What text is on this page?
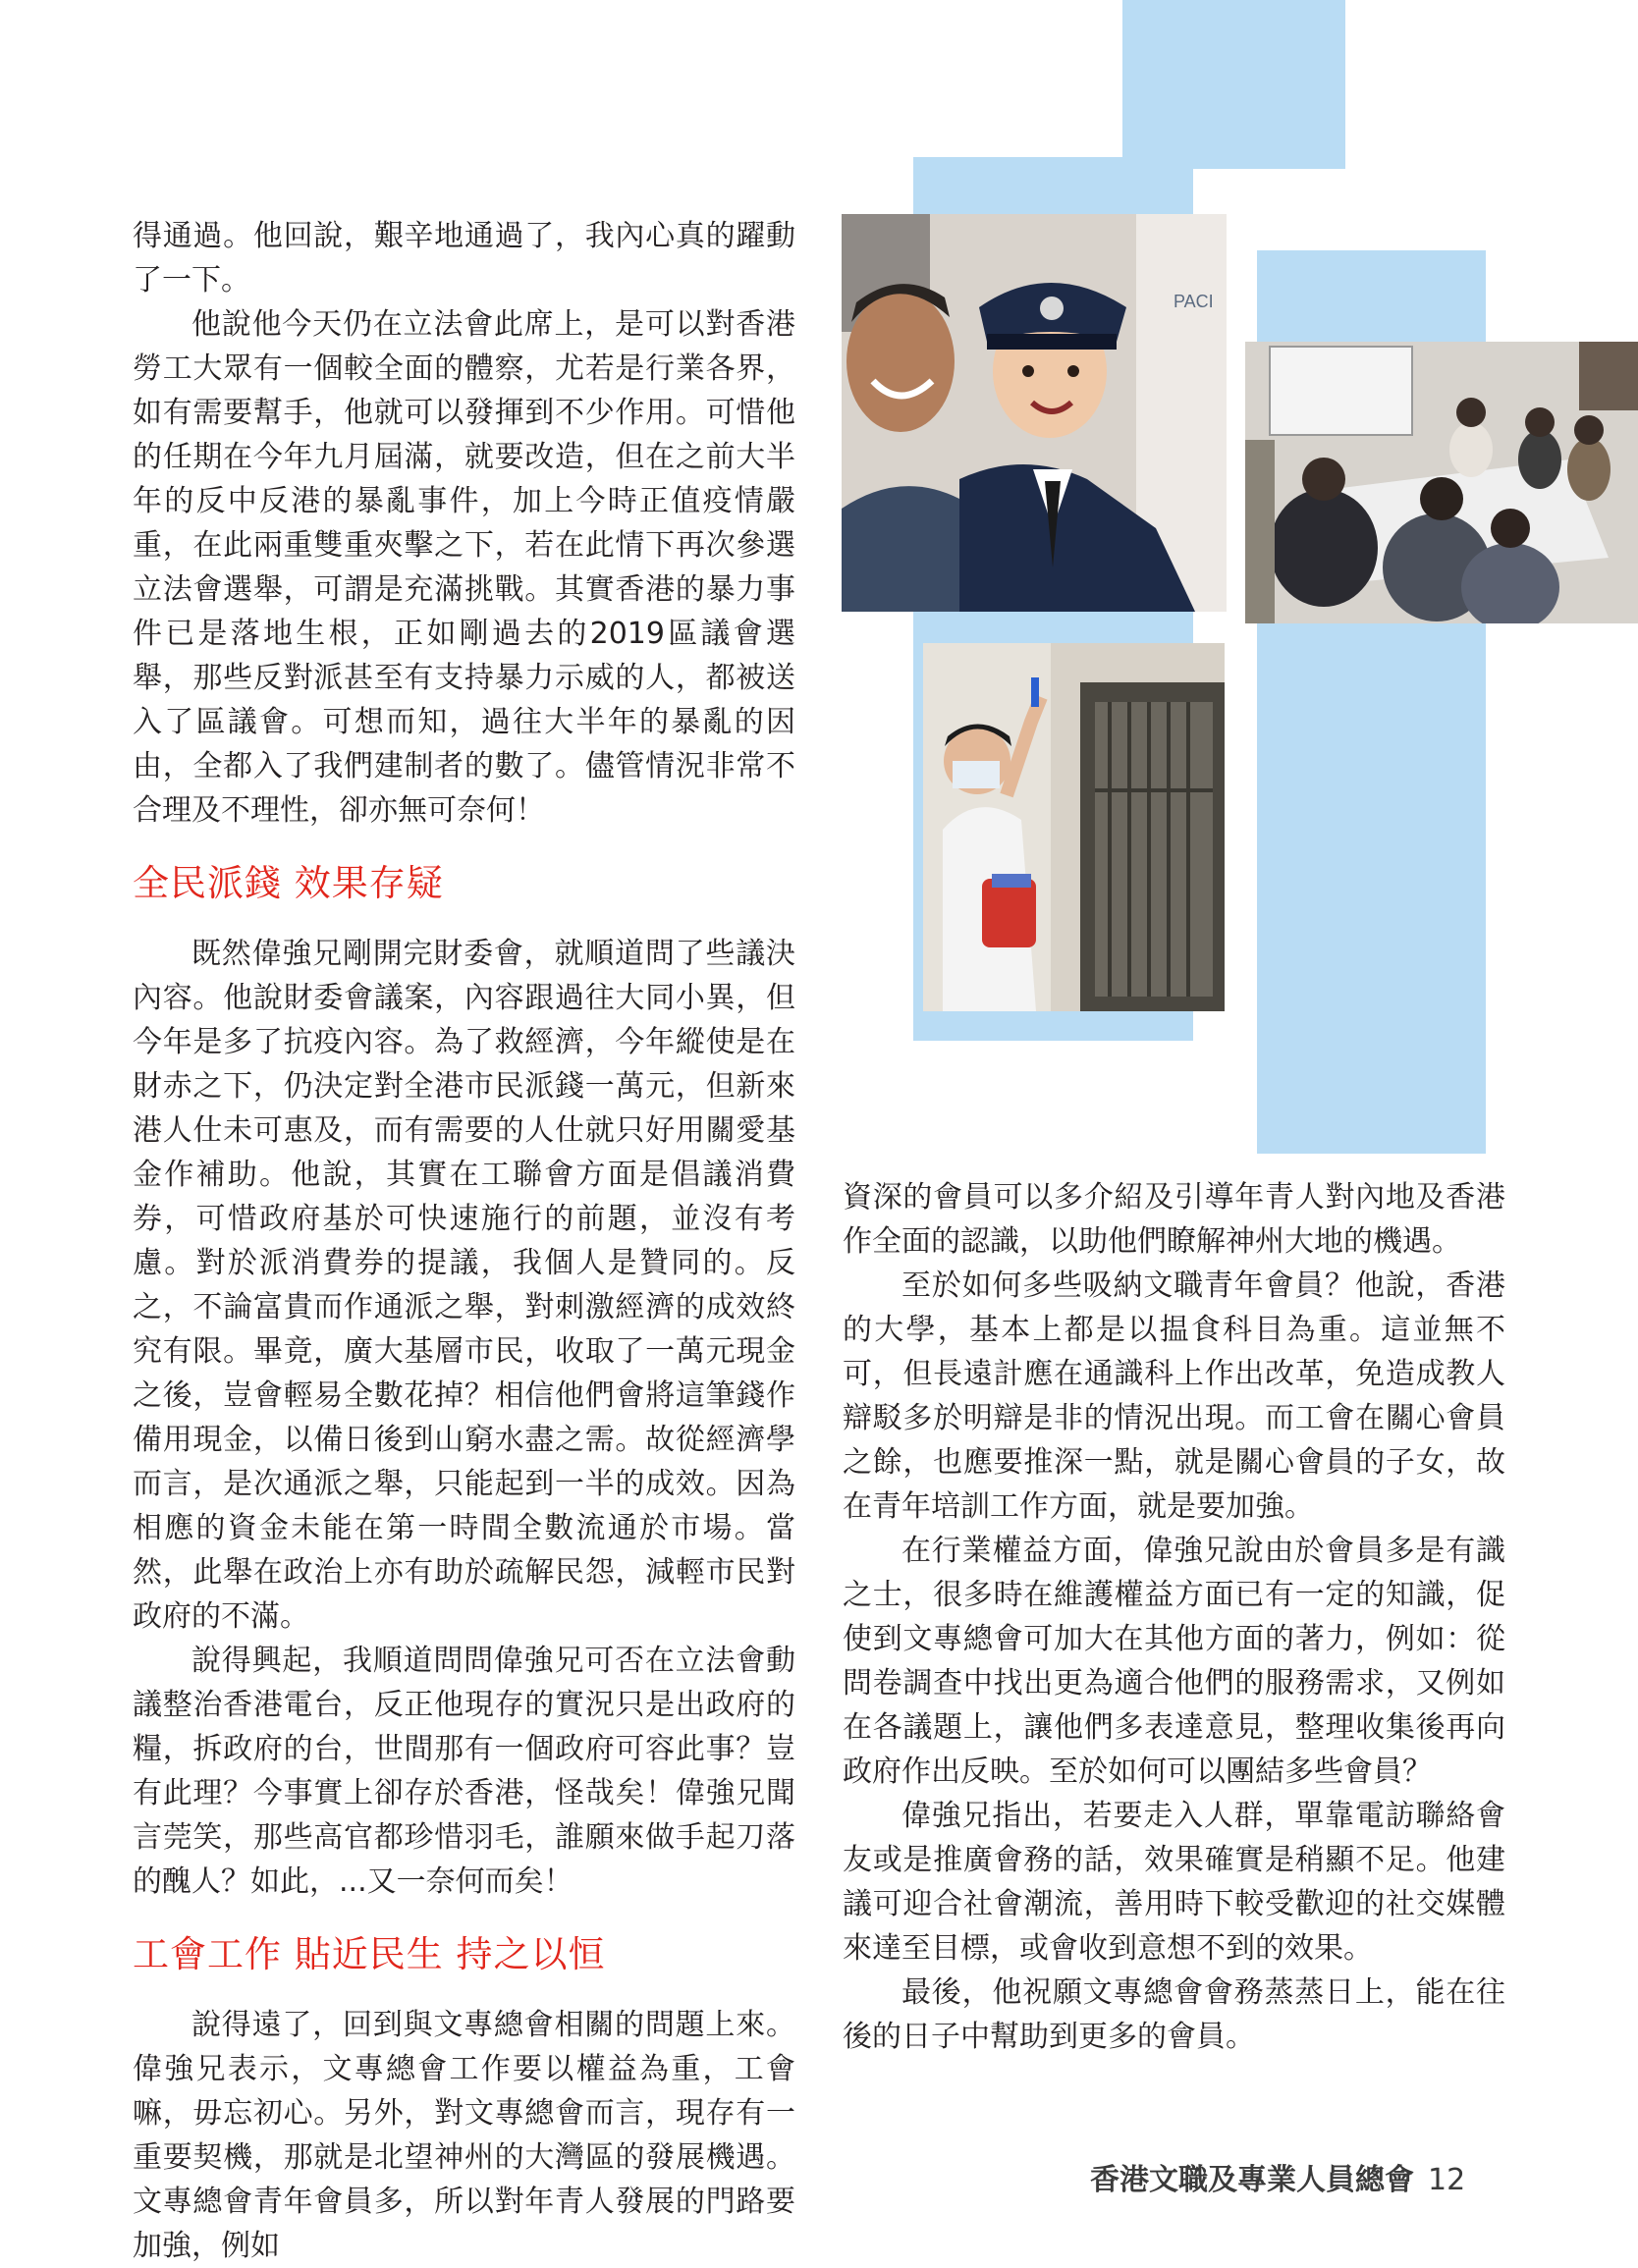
PACI

得通過。他回說，艱辛地通過了，我內心真的躍動了一下。

他說他今天仍在立法會此席上，是可以對香港勞工大眾有一個較全面的體察，尤若是行業各界，如有需要幫手，他就可以發揮到不少作用。可惜他的任期在今年九月屆滿，就要改造，但在之前大半年的反中反港的暴亂事件，加上今時正值疫情嚴重，在此兩重雙重夾擊之下，若在此情下再次參選立法會選舉，可謂是充滿挑戰。其實香港的暴力事件已是落地生根，正如剛過去的2019區議會選舉，那些反對派甚至有支持暴力示威的人，都被送入了區議會。可想而知，過往大半年的暴亂的因由，全都入了我們建制者的數了。儘管情況非常不合理及不理性，卻亦無可奈何！

全民派錢 效果存疑

既然偉強兄剛開完財委會，就順道問了些議決內容。他說財委會議案，內容跟過往大同小異，但今年是多了抗疫內容。為了救經濟，今年縱使是在財赤之下，仍決定對全港市民派錢一萬元，但新來港人仕未可惠及，而有需要的人仕就只好用關愛基金作補助。他說，其實在工聯會方面是倡議消費券，可惜政府基於可快速施行的前題，並沒有考慮。對於派消費券的提議，我個人是贊同的。反之，不論富貴而作通派之舉，對刺激經濟的成效終究有限。畢竟，廣大基層市民，收取了一萬元現金之後，豈會輕易全數花掉？相信他們會將這筆錢作備用現金，以備日後到山窮水盡之需。故從經濟學而言，是次通派之舉，只能起到一半的成效。因為相應的資金未能在第一時間全數流通於市場。當然，此舉在政治上亦有助於疏解民怨，減輕市民對政府的不滿。

說得興起，我順道問問偉強兄可否在立法會動議整治香港電台，反正他現存的實況只是出政府的糧，拆政府的台，世間那有一個政府可容此事？豈有此理？今事實上卻存於香港，怪哉矣！偉強兄聞言莞笑，那些高官都珍惜羽毛，誰願來做手起刀落的醜人？如此，...又一奈何而矣！

工會工作 貼近民生 持之以恒

說得遠了，回到與文專總會相關的問題上來。偉強兄表示，文專總會工作要以權益為重，工會嘛，毋忘初心。另外，對文專總會而言，現存有一重要契機，那就是北望神州的大灣區的發展機遇。文專總會青年會員多，所以對年青人發展的門路要加強，例如

資深的會員可以多介紹及引導年青人對內地及香港作全面的認識，以助他們瞭解神州大地的機遇。

至於如何多些吸納文職青年會員？他說，香港的大學，基本上都是以揾食科目為重。這並無不可，但長遠計應在通識科上作出改革，免造成教人辯駁多於明辯是非的情況出現。而工會在關心會員之餘，也應要推深一點，就是關心會員的子女，故在青年培訓工作方面，就是要加強。

在行業權益方面，偉強兄說由於會員多是有識之士，很多時在維護權益方面已有一定的知識，促使到文專總會可加大在其他方面的著力，例如：從問卷調查中找出更為適合他們的服務需求，又例如在各議題上，讓他們多表達意見，整理收集後再向政府作出反映。至於如何可以團結多些會員？

偉強兄指出，若要走入人群，單靠電訪聯絡會友或是推廣會務的話，效果確實是稍顯不足。他建議可迎合社會潮流，善用時下較受歡迎的社交媒體來達至目標，或會收到意想不到的效果。

最後，他祝願文專總會會務蒸蒸日上，能在往後的日子中幫助到更多的會員。

香港文職及專業人員總會 12
